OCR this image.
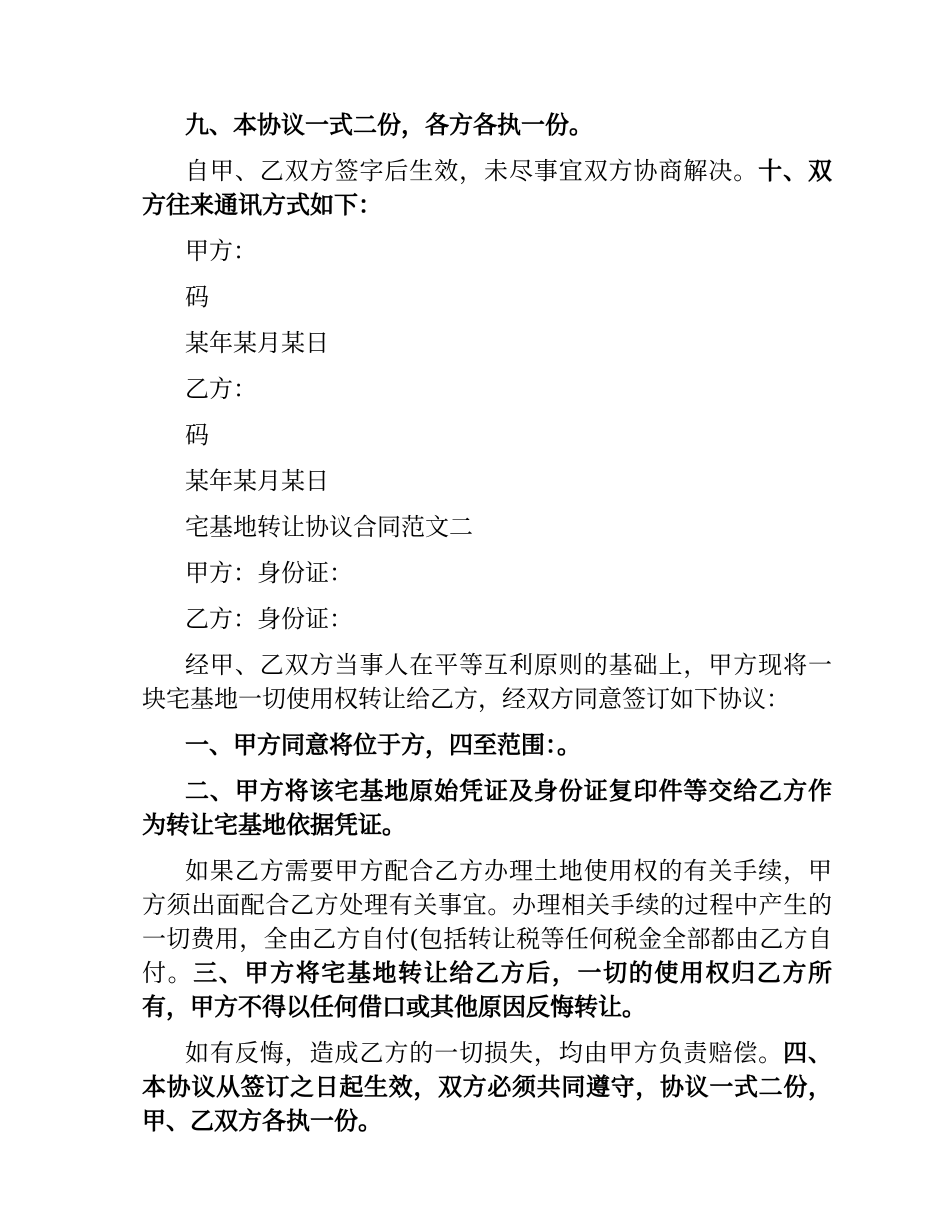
九、本协议一式二份，各方各执一份。

自甲、乙双方签字后生效，未尽事宜双方协商解决。十、双方往来通讯方式如下：

甲方：

码

某年某月某日

乙方：

码

某年某月某日

宅基地转让协议合同范文二

甲方：身份证：

乙方：身份证：

经甲、乙双方当事人在平等互利原则的基础上，甲方现将一块宅基地一切使用权转让给乙方，经双方同意签订如下协议：

一、甲方同意将位于方，四至范围：。

二、甲方将该宅基地原始凭证及身份证复印件等交给乙方作为转让宅基地依据凭证。

如果乙方需要甲方配合乙方办理土地使用权的有关手续，甲方须出面配合乙方处理有关事宜。办理相关手续的过程中产生的一切费用，全由乙方自付(包括转让税等任何税金全部都由乙方自付。三、甲方将宅基地转让给乙方后，一切的使用权归乙方所有，甲方不得以任何借口或其他原因反悔转让。

如有反悔，造成乙方的一切损失，均由甲方负责赔偿。四、本协议从签订之日起生效，双方必须共同遵守，协议一式二份，甲、乙双方各执一份。
